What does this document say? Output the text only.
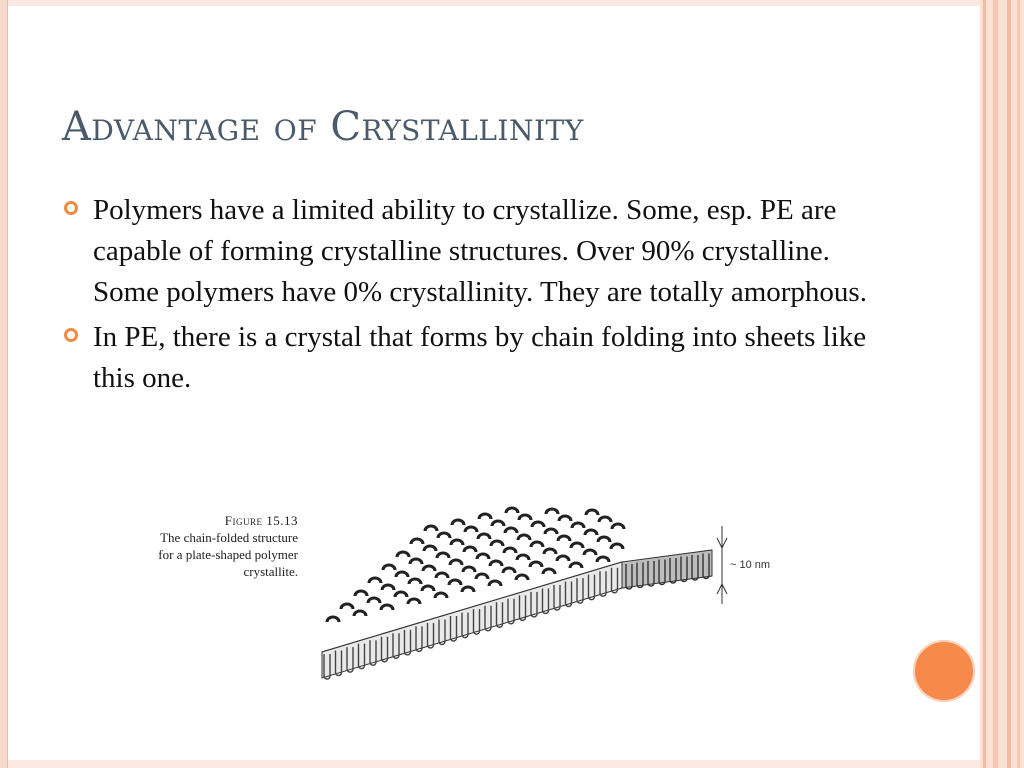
Advantage of Crystallinity
Polymers have a limited ability to crystallize. Some, esp. PE are capable of forming crystalline structures. Over 90% crystalline. Some polymers have 0% crystallinity. They are totally amorphous.
In PE, there is a crystal that forms by chain folding into sheets like this one.
Figure 15.13
The chain-folded structure for a plate-shaped polymer crystallite.	~ 10 nm
